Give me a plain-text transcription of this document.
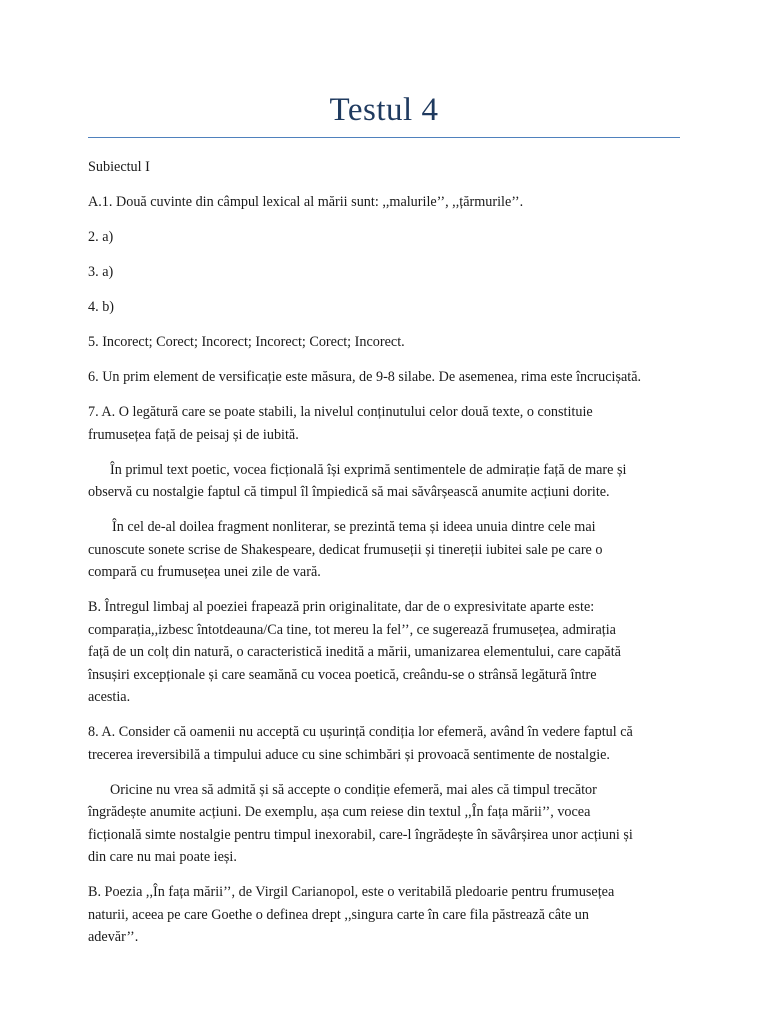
Testul 4
Subiectul I
A.1. Două cuvinte din câmpul lexical al mării sunt: ,,malurile’’, ,,țărmurile’’.
2. a)
3. a)
4. b)
5. Incorect; Corect; Incorect; Incorect; Corect; Incorect.
6. Un prim element de versificație este măsura, de 9-8 silabe. De asemenea, rima este încrucișată.
7. A. O legătură care se poate stabili, la nivelul conținutului celor două texte, o constituie
frumusețea față de peisaj și de iubită.
În primul text poetic, vocea ficțională își exprimă sentimentele de admirație față de mare și
observă cu nostalgie faptul că timpul îl împiedică să mai săvârșească anumite acțiuni dorite.
În cel de-al doilea fragment nonliterar, se prezintă tema și ideea unuia dintre cele mai
cunoscute sonete scrise de Shakespeare, dedicat frumuseții și tinereții iubitei sale pe care o
compară cu frumusețea unei zile de vară.
B. Întregul limbaj al poeziei frapează prin originalitate, dar de o expresivitate aparte este:
comparația,,izbesc întotdeauna/Ca tine, tot mereu la fel’’, ce sugerează frumusețea, admirația
față de un colț din natură, o caracteristică inedită a mării, umanizarea elementului, care capătă
însușiri excepționale și care seamănă cu vocea poetică, creându-se o strânsă legătură între
acestia.
8. A. Consider că oamenii nu acceptă cu ușurință condiția lor efemeră, având în vedere faptul că
trecerea ireversibilă a timpului aduce cu sine schimbări și provoacă sentimente de nostalgie.
Oricine nu vrea să admită și să accepte o condiție efemeră, mai ales că timpul trecător
îngrădește anumite acțiuni. De exemplu, așa cum reiese din textul ,,În fața mării’’, vocea
ficțională simte nostalgie pentru timpul inexorabil, care-l îngrădește în săvârșirea unor acțiuni și
din care nu mai poate ieși.
B. Poezia ,,În fața mării’’, de Virgil Carianopol, este o veritabilă pledoarie pentru frumusețea
naturii, aceea pe care Goethe o definea drept ,,singura carte în care fila păstrează câte un
adevăr’’.
